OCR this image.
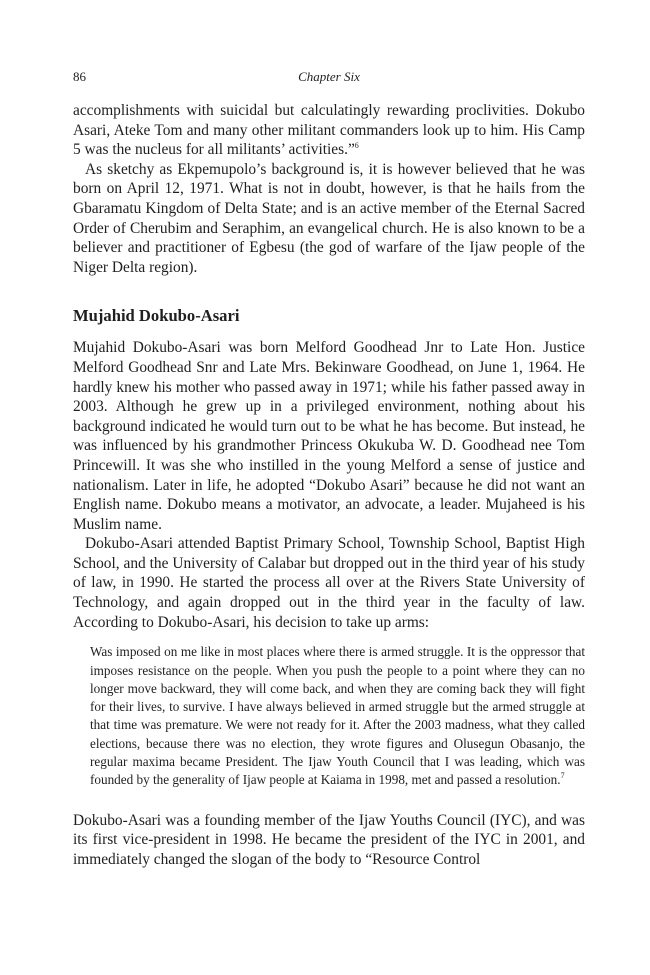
86	Chapter Six

accomplishments with suicidal but calculatingly rewarding proclivities. Dokubo Asari, Ateke Tom and many other militant commanders look up to him. His Camp 5 was the nucleus for all militants’ activities.”$^6$

As sketchy as Ekpemupolo’s background is, it is however believed that he was born on April 12, 1971. What is not in doubt, however, is that he hails from the Gbaramatu Kingdom of Delta State; and is an active member of the Eternal Sacred Order of Cherubim and Seraphim, an evangelical church. He is also known to be a believer and practitioner of Egbesu (the god of warfare of the Ijaw people of the Niger Delta region).

Mujahid Dokubo-Asari

Mujahid Dokubo-Asari was born Melford Goodhead Jnr to Late Hon. Justice Melford Goodhead Snr and Late Mrs. Bekinware Goodhead, on June 1, 1964. He hardly knew his mother who passed away in 1971; while his father passed away in 2003. Although he grew up in a privileged environment, nothing about his background indicated he would turn out to be what he has become. But instead, he was influenced by his grandmother Princess Okukuba W. D. Goodhead nee Tom Princewill. It was she who instilled in the young Melford a sense of justice and nationalism. Later in life, he adopted “Dokubo Asari” because he did not want an English name. Dokubo means a motivator, an advocate, a leader. Mujaheed is his Muslim name.

Dokubo-Asari attended Baptist Primary School, Township School, Baptist High School, and the University of Calabar but dropped out in the third year of his study of law, in 1990. He started the process all over at the Rivers State University of Technology, and again dropped out in the third year in the faculty of law. According to Dokubo-Asari, his decision to take up arms:

Was imposed on me like in most places where there is armed struggle. It is the oppressor that imposes resistance on the people. When you push the people to a point where they can no longer move backward, they will come back, and when they are coming back they will fight for their lives, to survive. I have always believed in armed struggle but the armed struggle at that time was premature. We were not ready for it. After the 2003 madness, what they called elections, because there was no election, they wrote figures and Olusegun Obasanjo, the regular maxima became President. The Ijaw Youth Council that I was leading, which was founded by the generality of Ijaw people at Kaiama in 1998, met and passed a resolution.$^7$

Dokubo-Asari was a founding member of the Ijaw Youths Council (IYC), and was its first vice-president in 1998. He became the president of the IYC in 2001, and immediately changed the slogan of the body to “Resource Control
